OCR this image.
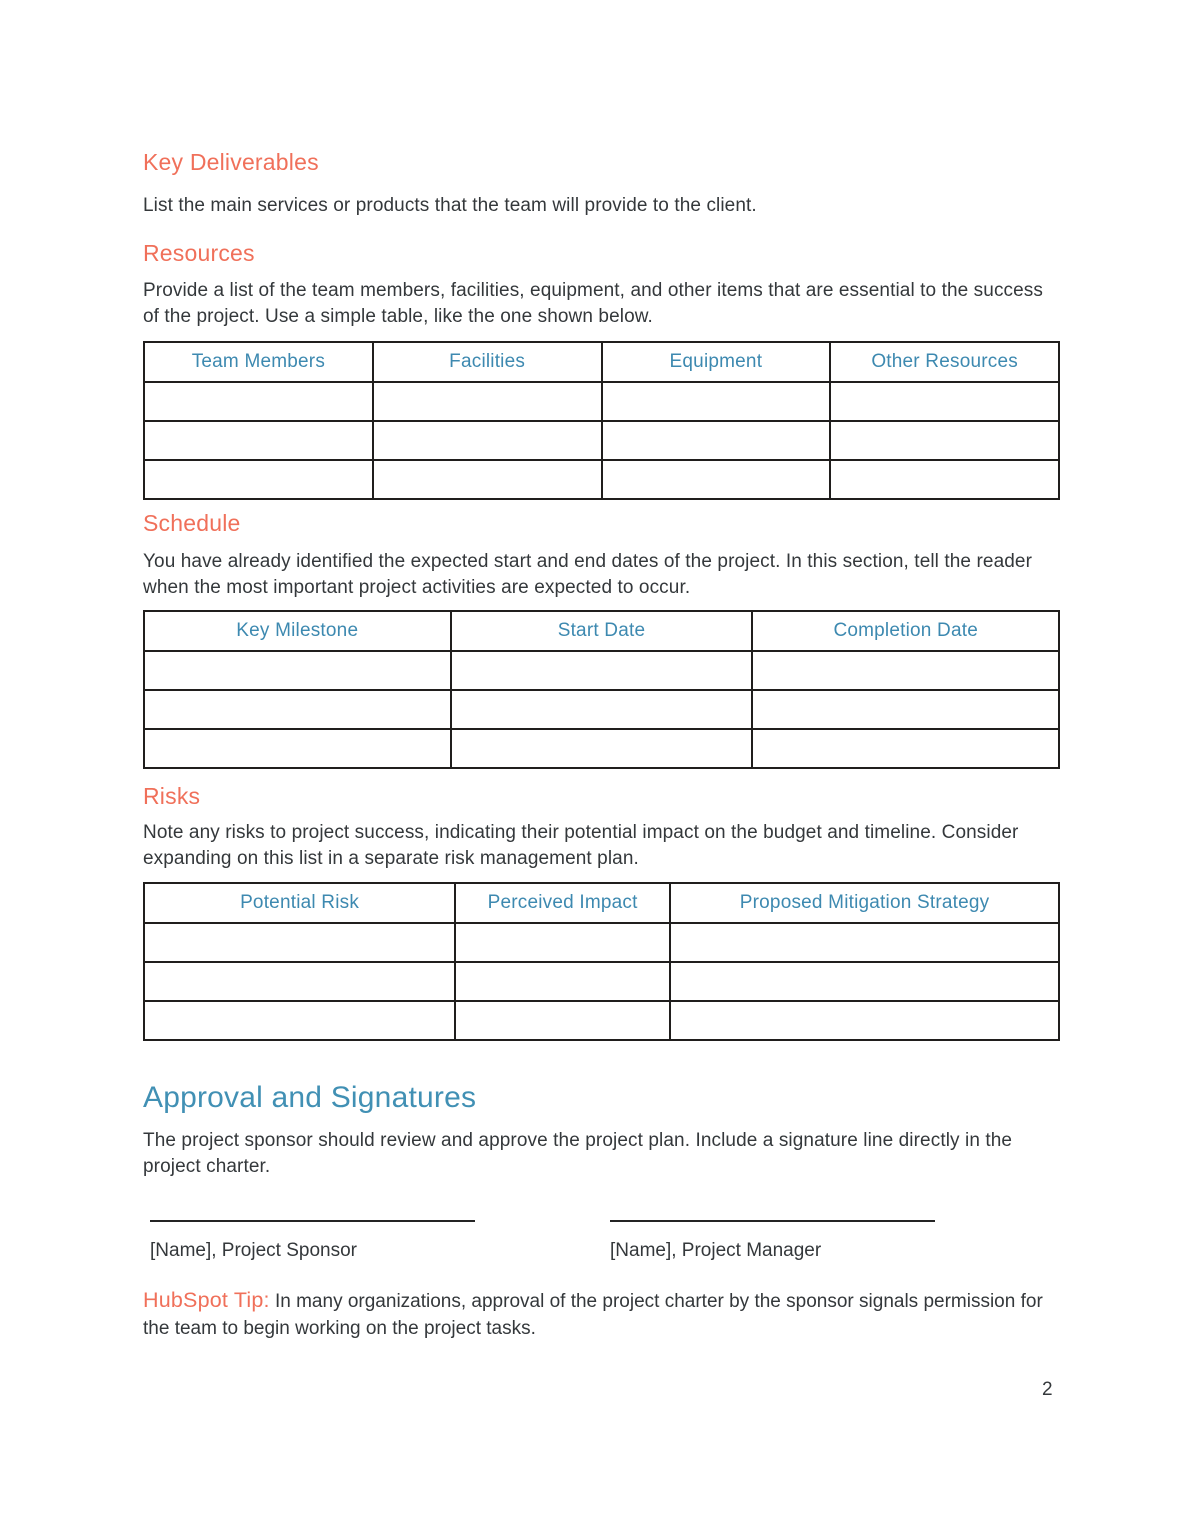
Key Deliverables

List the main services or products that the team will provide to the client.

Resources

Provide a list of the team members, facilities, equipment, and other items that are essential to the success of the project. Use a simple table, like the one shown below.

Team Members	Facilities	Equipment	Other Resources

Schedule

You have already identified the expected start and end dates of the project. In this section, tell the reader when the most important project activities are expected to occur.

Key Milestone	Start Date	Completion Date

Risks

Note any risks to project success, indicating their potential impact on the budget and timeline. Consider expanding on this list in a separate risk management plan.

Potential Risk	Perceived Impact	Proposed Mitigation Strategy

Approval and Signatures

The project sponsor should review and approve the project plan. Include a signature line directly in the project charter.

[Name], Project Sponsor	[Name], Project Manager

HubSpot Tip: In many organizations, approval of the project charter by the sponsor signals permission for the team to begin working on the project tasks.

2
